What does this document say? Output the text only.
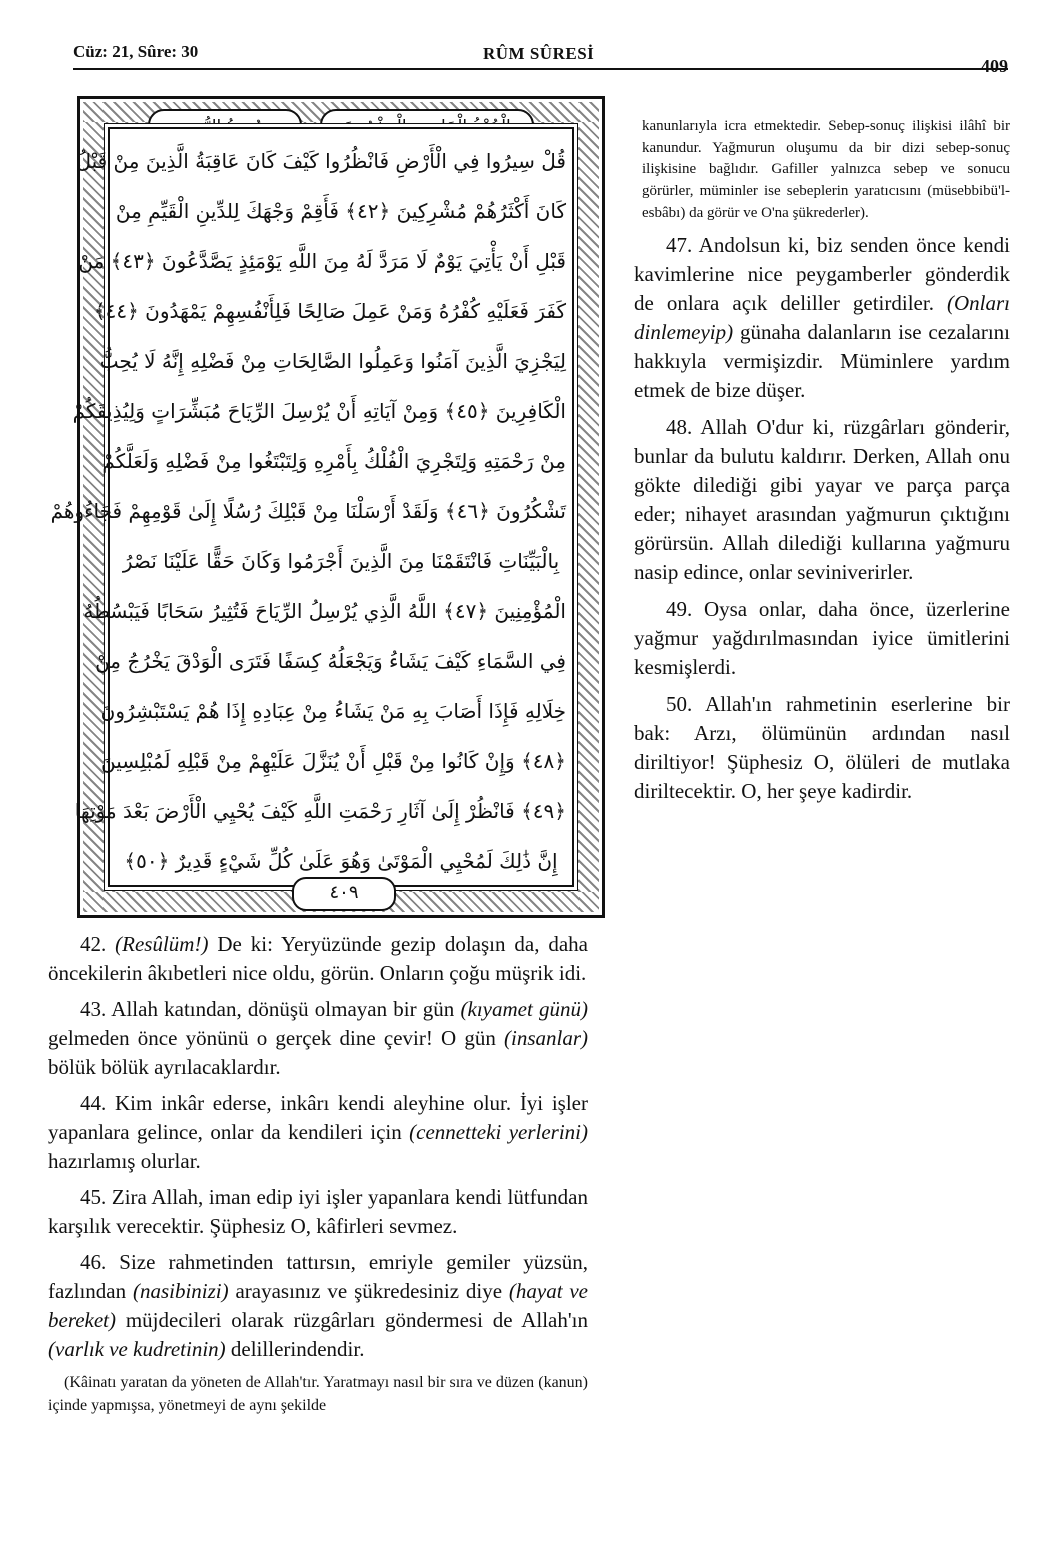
Cüz: 21, Sûre: 30	RÛM SÛRESİ
409
قُلْ سِيرُوا فِي الْأَرْضِ فَانْظُرُوا كَيْفَ كَانَ عَاقِبَةُ الَّذِينَ مِنْ قَبْلُ
كَانَ أَكْثَرُهُمْ مُشْرِكِينَ ﴿٤٢﴾ فَأَقِمْ وَجْهَكَ لِلدِّينِ الْقَيِّمِ مِنْ
قَبْلِ أَنْ يَأْتِيَ يَوْمٌ لَا مَرَدَّ لَهُ مِنَ اللَّهِ يَوْمَئِذٍ يَصَّدَّعُونَ ﴿٤٣﴾ مَنْ
كَفَرَ فَعَلَيْهِ كُفْرُهُ وَمَنْ عَمِلَ صَالِحًا فَلِأَنْفُسِهِمْ يَمْهَدُونَ ﴿٤٤﴾
لِيَجْزِيَ الَّذِينَ آمَنُوا وَعَمِلُوا الصَّالِحَاتِ مِنْ فَضْلِهِ إِنَّهُ لَا يُحِبُّ
الْكَافِرِينَ ﴿٤٥﴾ وَمِنْ آيَاتِهِ أَنْ يُرْسِلَ الرِّيَاحَ مُبَشِّرَاتٍ وَلِيُذِيقَكُمْ
مِنْ رَحْمَتِهِ وَلِتَجْرِيَ الْفُلْكُ بِأَمْرِهِ وَلِتَبْتَغُوا مِنْ فَضْلِهِ وَلَعَلَّكُمْ
تَشْكُرُونَ ﴿٤٦﴾ وَلَقَدْ أَرْسَلْنَا مِنْ قَبْلِكَ رُسُلًا إِلَىٰ قَوْمِهِمْ فَجَاءُوهُمْ
بِالْبَيِّنَاتِ فَانْتَقَمْنَا مِنَ الَّذِينَ أَجْرَمُوا وَكَانَ حَقًّا عَلَيْنَا نَصْرُ
الْمُؤْمِنِينَ ﴿٤٧﴾ اللَّهُ الَّذِي يُرْسِلُ الرِّيَاحَ فَتُثِيرُ سَحَابًا فَيَبْسُطُهُ
فِي السَّمَاءِ كَيْفَ يَشَاءُ وَيَجْعَلُهُ كِسَفًا فَتَرَى الْوَدْقَ يَخْرُجُ مِنْ
خِلَالِهِ فَإِذَا أَصَابَ بِهِ مَنْ يَشَاءُ مِنْ عِبَادِهِ إِذَا هُمْ يَسْتَبْشِرُونَ
﴿٤٨﴾ وَإِنْ كَانُوا مِنْ قَبْلِ أَنْ يُنَزَّلَ عَلَيْهِمْ مِنْ قَبْلِهِ لَمُبْلِسِينَ
﴿٤٩﴾ فَانْظُرْ إِلَىٰ آثَارِ رَحْمَتِ اللَّهِ كَيْفَ يُحْيِي الْأَرْضَ بَعْدَ مَوْتِهَا
إِنَّ ذَٰلِكَ لَمُحْيِي الْمَوْتَىٰ وَهُوَ عَلَىٰ كُلِّ شَيْءٍ قَدِيرٌ ﴿٥٠﴾
٤٠٩

kanunlarıyla icra etmektedir. Sebep-sonuç ilişkisi ilâhî bir kanundur. Yağmurun oluşumu da bir dizi sebep-sonuç ilişkisine bağlıdır. Gafiller yalnızca sebep ve sonucu görürler, müminler ise sebeplerin yaratıcısını (müsebbibü'l-esbâbı) da görür ve O'na şükrederler).

47. Andolsun ki, biz senden önce kendi kavimlerine nice peygamberler gönderdik de onlara açık deliller getirdiler. (Onları dinlemeyip) günaha dalanların ise cezalarını hakkıyla vermişizdir. Müminlere yardım etmek de bize düşer.

48. Allah O'dur ki, rüzgârları gönderir, bunlar da bulutu kaldırır. Derken, Allah onu gökte dilediği gibi yayar ve parça parça eder; nihayet arasından yağmurun çıktığını görürsün. Allah dilediği kullarına yağmuru nasip edince, onlar seviniverirler.

49. Oysa onlar, daha önce, üzerlerine yağmur yağdırılmasından iyice ümitlerini kesmişlerdi.

50. Allah'ın rahmetinin eserlerine bir bak: Arzı, ölümünün ardından nasıl diriltiyor! Şüphesiz O, ölüleri de mutlaka diriltecektir. O, her şeye kadirdir.

42. (Resûlüm!) De ki: Yeryüzünde gezip dolaşın da, daha öncekilerin âkıbetleri nice oldu, görün. Onların çoğu müşrik idi.

43. Allah katından, dönüşü olmayan bir gün (kıyamet günü) gelmeden önce yönünü o gerçek dine çevir! O gün (insanlar) bölük bölük ayrılacaklardır.

44. Kim inkâr ederse, inkârı kendi aleyhine olur. İyi işler yapanlara gelince, onlar da kendileri için (cennetteki yerlerini) hazırlamış olurlar.

45. Zira Allah, iman edip iyi işler yapanlara kendi lütfundan karşılık verecektir. Şüphesiz O, kâfirleri sevmez.

46. Size rahmetinden tattırsın, emriyle gemiler yüzsün, fazlından (nasibinizi) arayasınız ve şükredesiniz diye (hayat ve bereket) müjdecileri olarak rüzgârları göndermesi de Allah'ın (varlık ve kudretinin) delillerindendir.

(Kâinatı yaratan da yöneten de Allah'tır. Yaratmayı nasıl bir sıra ve düzen (kanun) içinde yapmışsa, yönetmeyi de aynı şekilde
